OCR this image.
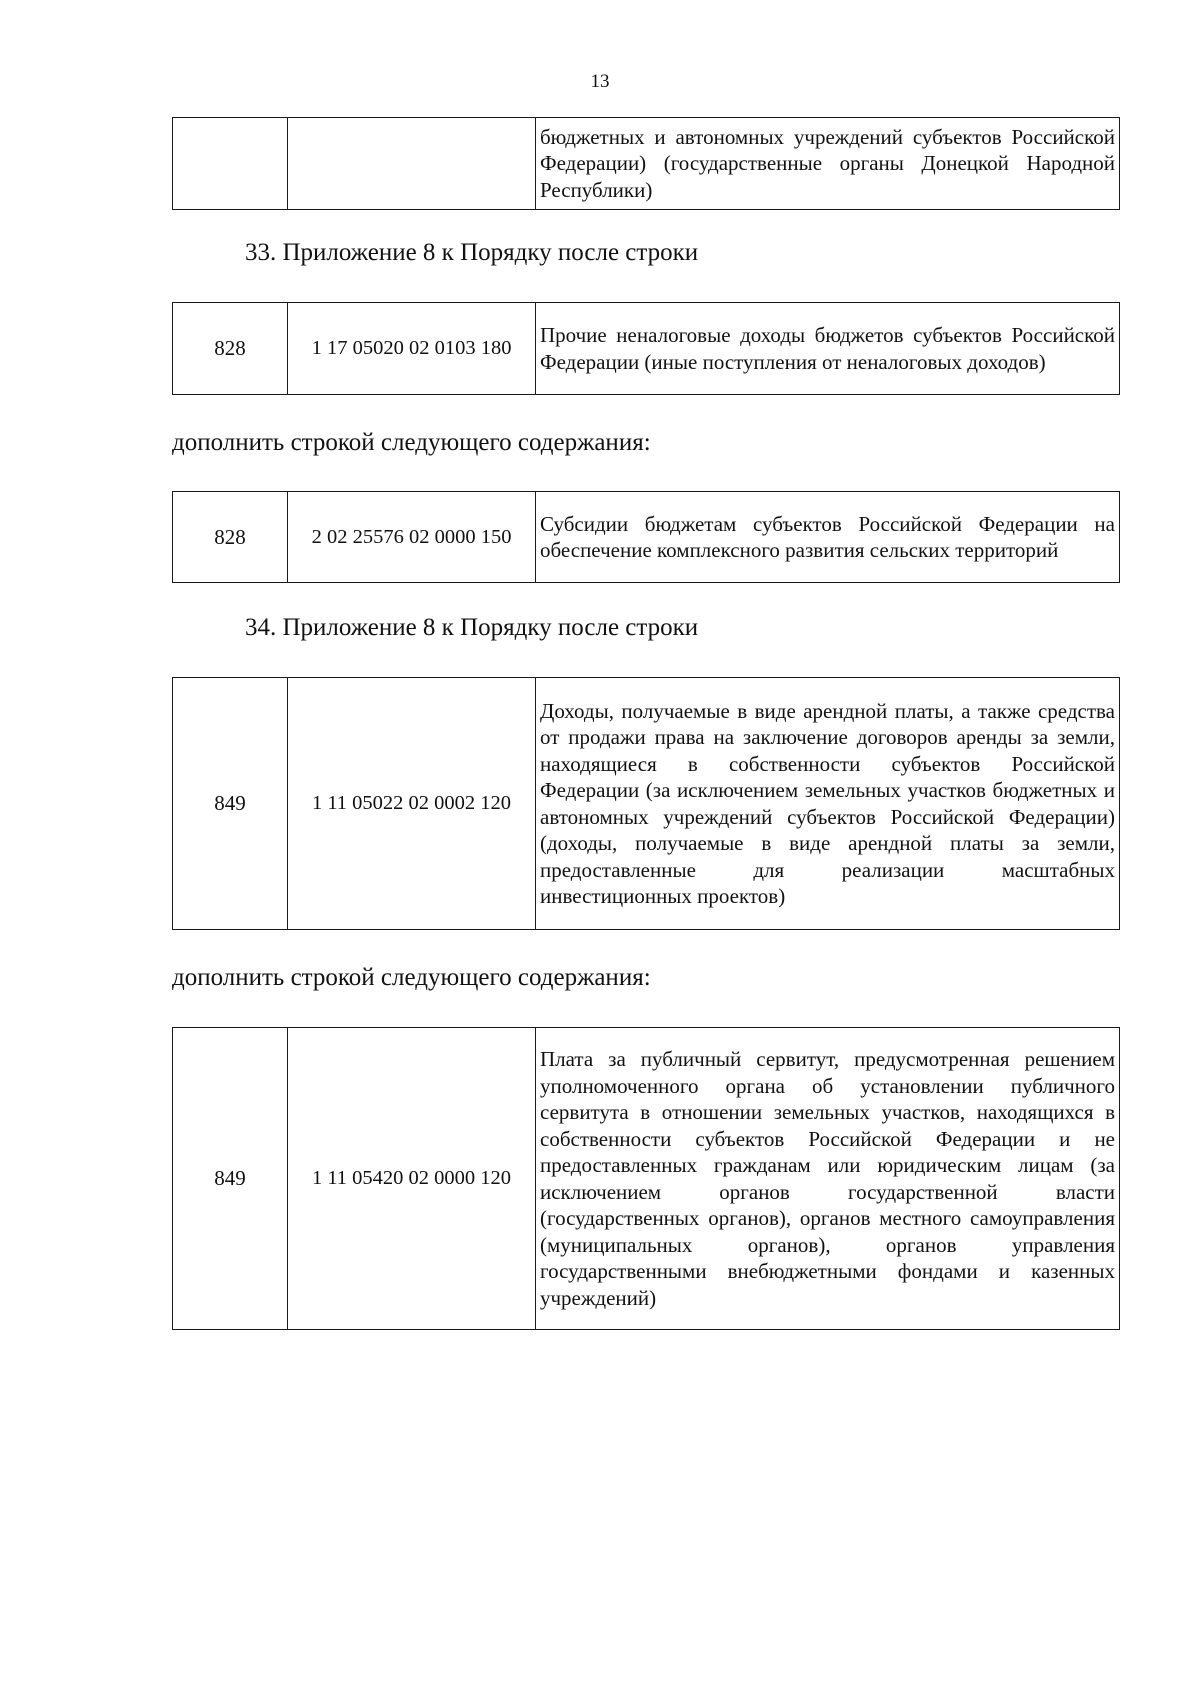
13
		бюджетных и автономных учреждений субъектов Российской Федерации) (государственные органы Донецкой Народной Республики)
33. Приложение 8 к Порядку после строки
828	1 17 05020 02 0103 180	Прочие неналоговые доходы бюджетов субъектов Российской Федерации (иные поступления от неналоговых доходов)
дополнить строкой следующего содержания:
828	2 02 25576 02 0000 150	Субсидии бюджетам субъектов Российской Федерации на обеспечение комплексного развития сельских территорий
34. Приложение 8 к Порядку после строки
849	1 11 05022 02 0002 120	Доходы, получаемые в виде арендной платы, а также средства от продажи права на заключение договоров аренды за земли, находящиеся в собственности субъектов Российской Федерации (за исключением земельных участков бюджетных и автономных учреждений субъектов Российской Федерации) (доходы, получаемые в виде арендной платы за земли, предоставленные для реализации масштабных инвестиционных проектов)
дополнить строкой следующего содержания:
849	1 11 05420 02 0000 120	Плата за публичный сервитут, предусмотренная решением уполномоченного органа об установлении публичного сервитута в отношении земельных участков, находящихся в собственности субъектов Российской Федерации и не предоставленных гражданам или юридическим лицам (за исключением органов государственной власти (государственных органов), органов местного самоуправления (муниципальных органов), органов управления государственными внебюджетными фондами и казенных учреждений)
